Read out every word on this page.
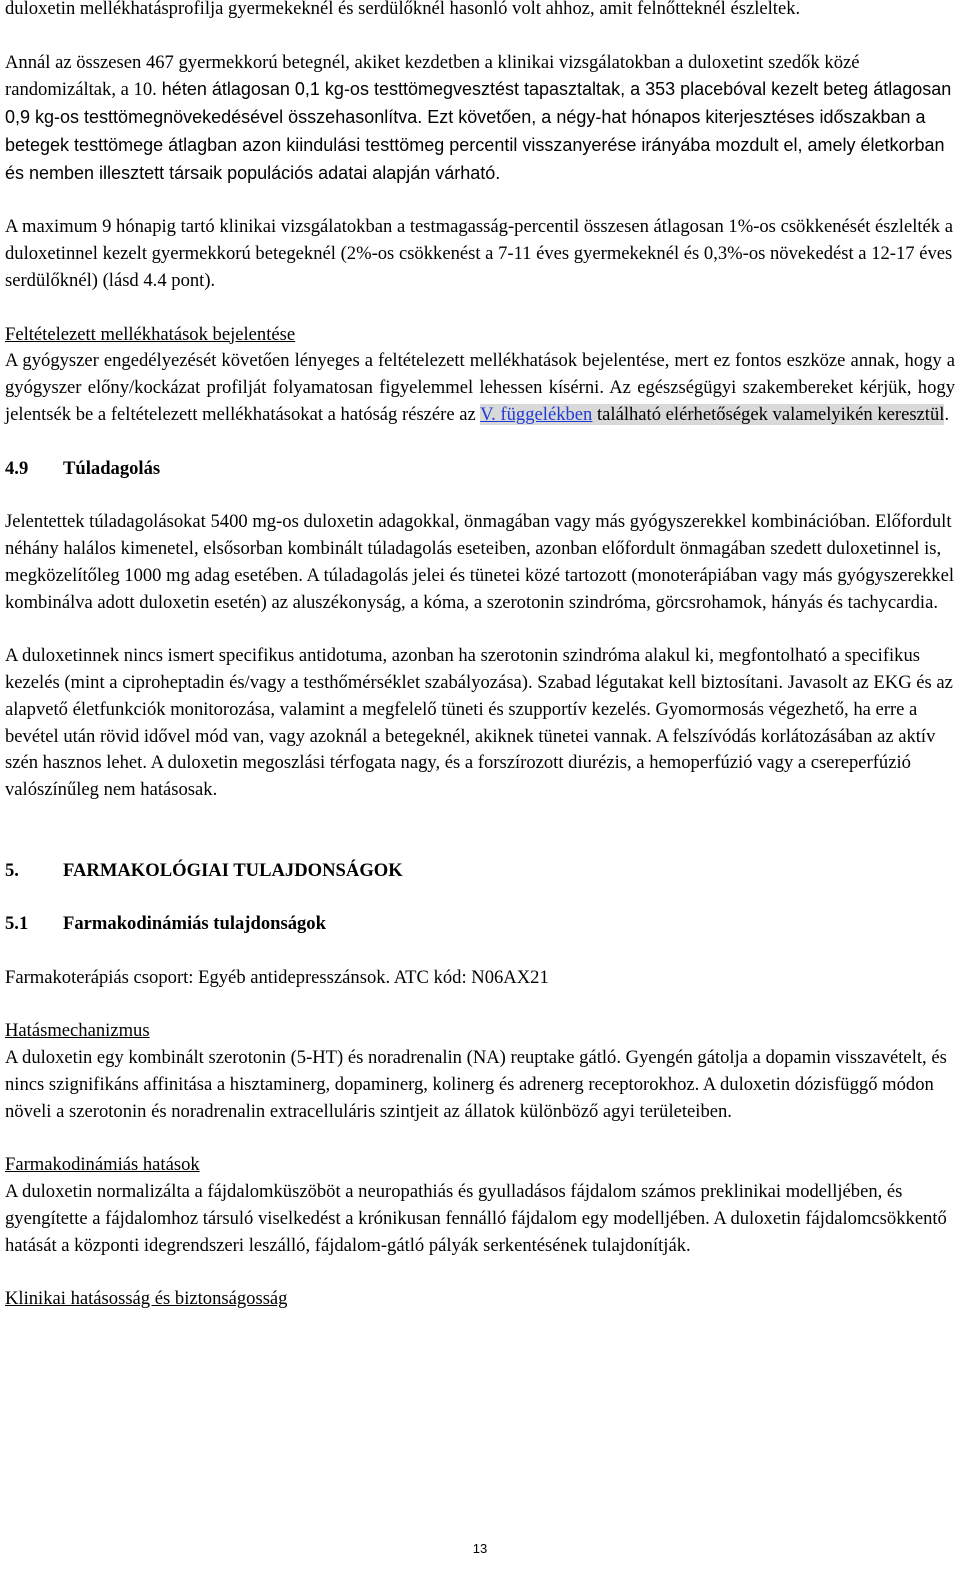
duloxetin mellékhatásprofilja gyermekeknél és serdülőknél hasonló volt ahhoz, amit felnőtteknél észleltek.

Annál az összesen 467 gyermekkorú betegnél, akiket kezdetben a klinikai vizsgálatokban a duloxetint szedők közé randomizáltak, a 10. héten átlagosan 0,1 kg-os testtömegvesztést tapasztaltak, a 353 placebóval kezelt beteg átlagosan 0,9 kg-os testtömegnövekedésével összehasonlítva. Ezt követően, a négy-hat hónapos kiterjesztéses időszakban a betegek testtömege átlagban azon kiindulási testtömeg percentil visszanyerése irányába mozdult el, amely életkorban és nemben illesztett társaik populációs adatai alapján várható.

A maximum 9 hónapig tartó klinikai vizsgálatokban a testmagasság-percentil összesen átlagosan 1%-os csökkenését észlelték a duloxetinnel kezelt gyermekkorú betegeknél (2%-os csökkenést a 7-11 éves gyermekeknél és 0,3%-os növekedést a 12-17 éves serdülőknél) (lásd 4.4 pont).

Feltételezett mellékhatások bejelentése

A gyógyszer engedélyezését követően lényeges a feltételezett mellékhatások bejelentése, mert ez fontos eszköze annak, hogy a gyógyszer előny/kockázat profilját folyamatosan figyelemmel lehessen kísérni. Az egészségügyi szakembereket kérjük, hogy jelentsék be a feltételezett mellékhatásokat a hatóság részére az V. függelékben található elérhetőségek valamelyikén keresztül.

4.9 Túladagolás

Jelentettek túladagolásokat 5400 mg-os duloxetin adagokkal, önmagában vagy más gyógyszerekkel kombinációban. Előfordult néhány halálos kimenetel, elsősorban kombinált túladagolás eseteiben, azonban előfordult önmagában szedett duloxetinnel is, megközelítőleg 1000 mg adag esetében. A túladagolás jelei és tünetei közé tartozott (monoterápiában vagy más gyógyszerekkel kombinálva adott duloxetin esetén) az aluszékonyság, a kóma, a szerotonin szindróma, görcsrohamok, hányás és tachycardia.

A duloxetinnek nincs ismert specifikus antidotuma, azonban ha szerotonin szindróma alakul ki, megfontolható a specifikus kezelés (mint a ciproheptadin és/vagy a testhőmérséklet szabályozása). Szabad légutakat kell biztosítani. Javasolt az EKG és az alapvető életfunkciók monitorozása, valamint a megfelelő tüneti és szupportív kezelés. Gyomormosás végezhető, ha erre a bevétel után rövid idővel mód van, vagy azoknál a betegeknél, akiknek tünetei vannak. A felszívódás korlátozásában az aktív szén hasznos lehet. A duloxetin megoszlási térfogata nagy, és a forszírozott diurézis, a hemoperfúzió vagy a csereperfúzió valószínűleg nem hatásosak.

5. FARMAKOLÓGIAI TULAJDONSÁGOK

5.1 Farmakodinámiás tulajdonságok

Farmakoterápiás csoport: Egyéb antidepresszánsok. ATC kód: N06AX21

Hatásmechanizmus

A duloxetin egy kombinált szerotonin (5-HT) és noradrenalin (NA) reuptake gátló. Gyengén gátolja a dopamin visszavételt, és nincs szignifikáns affinitása a hisztaminerg, dopaminerg, kolinerg és adrenerg receptorokhoz. A duloxetin dózisfüggő módon növeli a szerotonin és noradrenalin extracelluláris szintjeit az állatok különböző agyi területeiben.

Farmakodinámiás hatások

A duloxetin normalizálta a fájdalomküszöböt a neuropathiás és gyulladásos fájdalom számos preklinikai modelljében, és gyengítette a fájdalomhoz társuló viselkedést a krónikusan fennálló fájdalom egy modelljében. A duloxetin fájdalomcsökkentő hatását a központi idegrendszeri leszálló, fájdalom-gátló pályák serkentésének tulajdonítják.

Klinikai hatásosság és biztonságosság

13
